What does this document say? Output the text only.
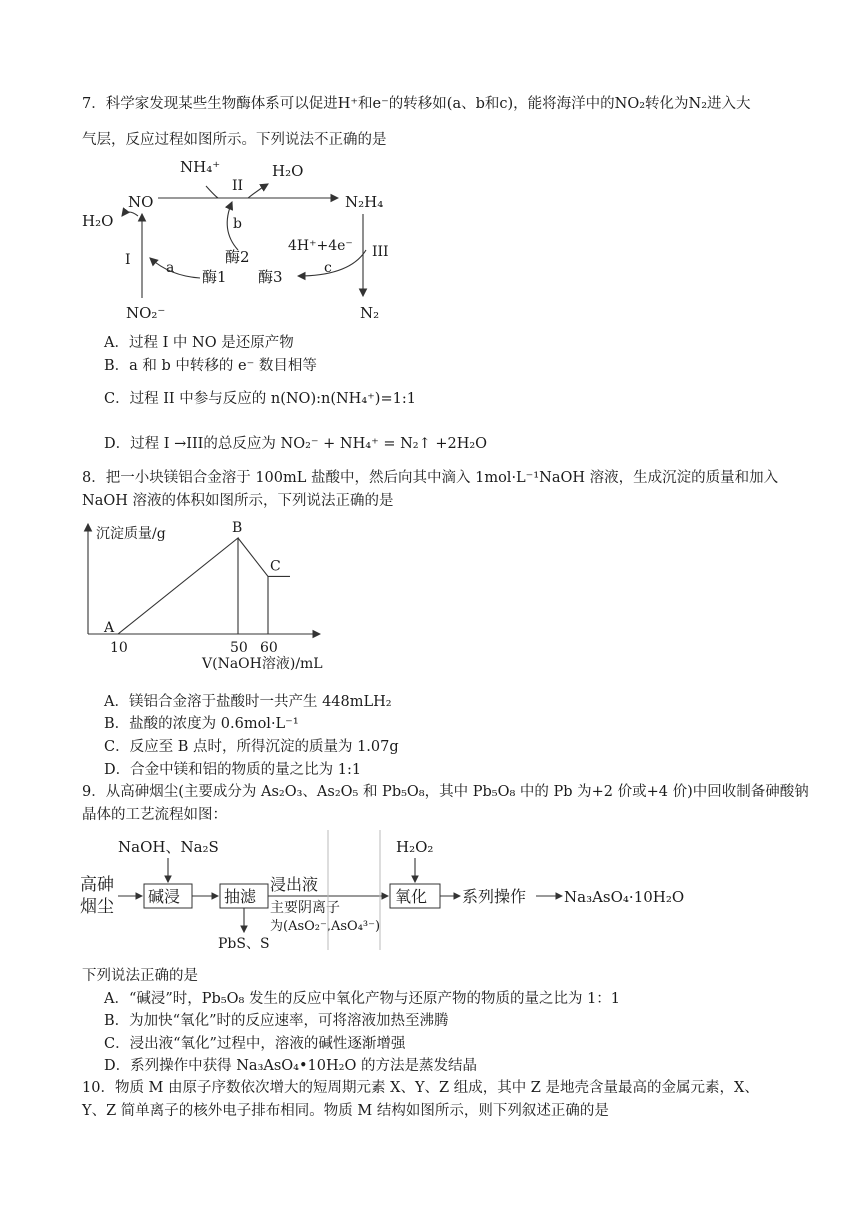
7．科学家发现某些生物酶体系可以促进H⁺和e⁻的转移如(a、b和c)，能将海洋中的NO₂转化为N₂进入大
气层，反应过程如图所示。下列说法不正确的是
NH₄⁺	H₂O
II
NO	N₂H₄
H₂O	b
酶2
4H⁺+4e⁻ III
I	a 酶1 酶3	c
NO₂⁻	N₂
A．过程 I 中 NO 是还原产物
B．a 和 b 中转移的 e⁻ 数目相等
C．过程 II 中参与反应的 n(NO):n(NH₄⁺)=1:1
D．过程 I →III的总反应为 NO₂⁻ + NH₄⁺ = N₂↑ +2H₂O
8．把一小块镁铝合金溶于 100mL 盐酸中，然后向其中滴入 1mol·L⁻¹NaOH 溶液，生成沉淀的质量和加入
NaOH 溶液的体积如图所示，下列说法正确的是
沉淀质量/g
V(NaOH溶液)/mL
A
B
C
10	50 60
A．镁铝合金溶于盐酸时一共产生 448mLH₂
B．盐酸的浓度为 0.6mol·L⁻¹
C．反应至 B 点时，所得沉淀的质量为 1.07g
D．合金中镁和铝的物质的量之比为 1:1
9．从高砷烟尘(主要成分为 As₂O₃、As₂O₅ 和 Pb₅O₈，其中 Pb₅O₈ 中的 Pb 为+2 价或+4 价)中回收制备砷酸钠
晶体的工艺流程如图：
NaOH、Na₂S	H₂O₂
高砷
烟尘
碱浸	抽滤
浸出液
主要阴离子
为(AsO₂⁻,AsO₄³⁻)
氧化 系列操作	Na₃AsO₄·10H₂O
PbS、S
下列说法正确的是
A．“碱浸”时，Pb₅O₈ 发生的反应中氧化产物与还原产物的物质的量之比为 1：1
B．为加快“氧化”时的反应速率，可将溶液加热至沸腾
C．浸出液“氧化”过程中，溶液的碱性逐渐增强
D．系列操作中获得 Na₃AsO₄•10H₂O 的方法是蒸发结晶
10．物质 M 由原子序数依次增大的短周期元素 X、Y、Z 组成，其中 Z 是地壳含量最高的金属元素，X、
Y、Z 简单离子的核外电子排布相同。物质 M 结构如图所示，则下列叙述正确的是
